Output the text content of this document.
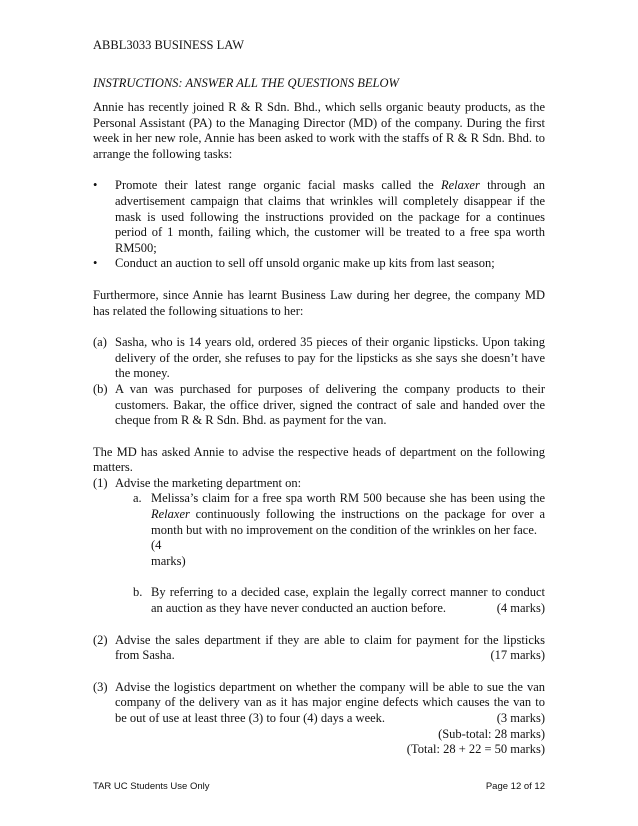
ABBL3033 BUSINESS LAW
INSTRUCTIONS: ANSWER ALL THE QUESTIONS BELOW

Annie has recently joined R & R Sdn. Bhd., which sells organic beauty products, as the Personal Assistant (PA) to the Managing Director (MD) of the company. During the first week in her new role, Annie has been asked to work with the staffs of R & R Sdn. Bhd. to arrange the following tasks:

•	Promote their latest range organic facial masks called the Relaxer through an advertisement campaign that claims that wrinkles will completely disappear if the mask is used following the instructions provided on the package for a continues period of 1 month, failing which, the customer will be treated to a free spa worth RM500;
•	Conduct an auction to sell off unsold organic make up kits from last season;

Furthermore, since Annie has learnt Business Law during her degree, the company MD has related the following situations to her:

(a) Sasha, who is 14 years old, ordered 35 pieces of their organic lipsticks. Upon taking delivery of the order, she refuses to pay for the lipsticks as she says she doesn’t have the money.
(b) A van was purchased for purposes of delivering the company products to their customers. Bakar, the office driver, signed the contract of sale and handed over the cheque from R & R Sdn. Bhd. as payment for the van.
The MD has asked Annie to advise the respective heads of department on the following matters.
(1) Advise the marketing department on:
a. Melissa’s claim for a free spa worth RM 500 because she has been using the Relaxer continuously following the instructions on the package for over a month but with no improvement on the condition of the wrinkles on her face.
(4
marks)
b. By referring to a decided case, explain the legally correct manner to conduct an auction as they have never conducted an auction before.	(4 marks)
(2) Advise the sales department if they are able to claim for payment for the lipsticks from Sasha.	(17 marks)
(3) Advise the logistics department on whether the company will be able to sue the van company of the delivery van as it has major engine defects which causes the van to be out of use at least three (3) to four (4) days a week.	(3 marks)
(Sub-total: 28 marks)
(Total: 28 + 22 = 50 marks)
TAR UC Students Use Only	Page 12 of 12
